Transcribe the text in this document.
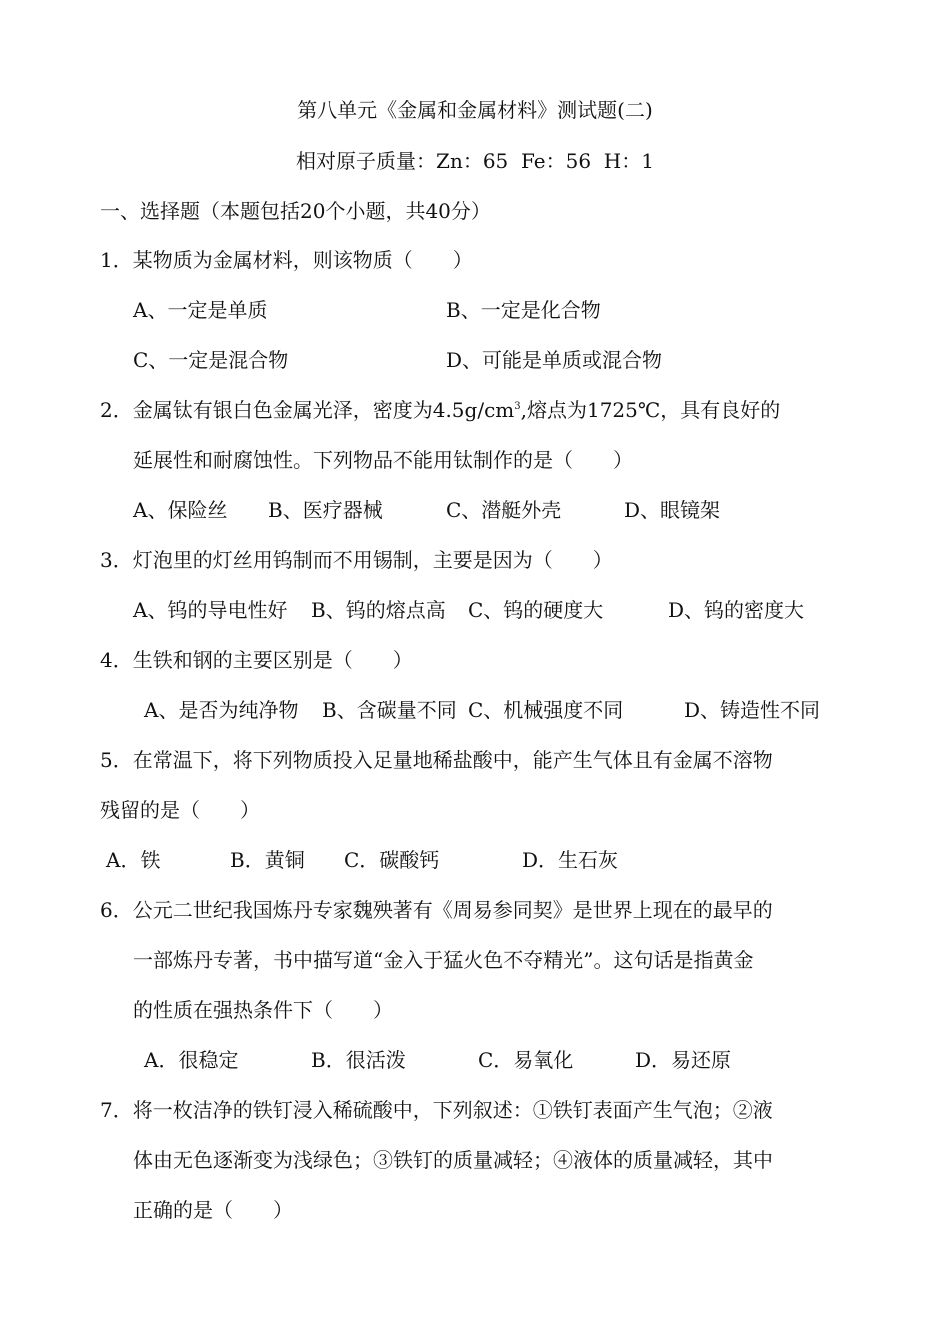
第八单元《金属和金属材料》测试题(二)
相对原子质量：Zn：65  Fe：56  H：1
一、选择题（本题包括20个小题，共40分）
1．某物质为金属材料，则该物质（　　）
A、一定是单质	B、一定是化合物
C、一定是混合物	D、可能是单质或混合物
2．金属钛有银白色金属光泽，密度为$4.5g/cm^3$,熔点为1725℃，具有良好的
延展性和耐腐蚀性。下列物品不能用钛制作的是（　　）
A、保险丝 B、医疗器械	C、潜艇外壳	D、眼镜架
3．灯泡里的灯丝用钨制而不用锡制，主要是因为（　　）
A、钨的导电性好 B、钨的熔点高 C、钨的硬度大	D、钨的密度大
4．生铁和钢的主要区别是（　　）
A、是否为纯净物 B、含碳量不同 C、机械强度不同	D、铸造性不同
5．在常温下，将下列物质投入足量地稀盐酸中，能产生气体且有金属不溶物
残留的是（　　）
A．铁	B．黄铜 C．碳酸钙	D．生石灰
6．公元二世纪我国炼丹专家魏殃著有《周易参同契》是世界上现在的最早的
一部炼丹专著，书中描写道“金入于猛火色不夺精光”。这句话是指黄金
的性质在强热条件下（　　）
A．很稳定	B．很活泼	C．易氧化	D．易还原
7．将一枚洁净的铁钉浸入稀硫酸中，下列叙述：①铁钉表面产生气泡；②液
体由无色逐渐变为浅绿色；③铁钉的质量减轻；④液体的质量减轻，其中
正确的是（　　）
